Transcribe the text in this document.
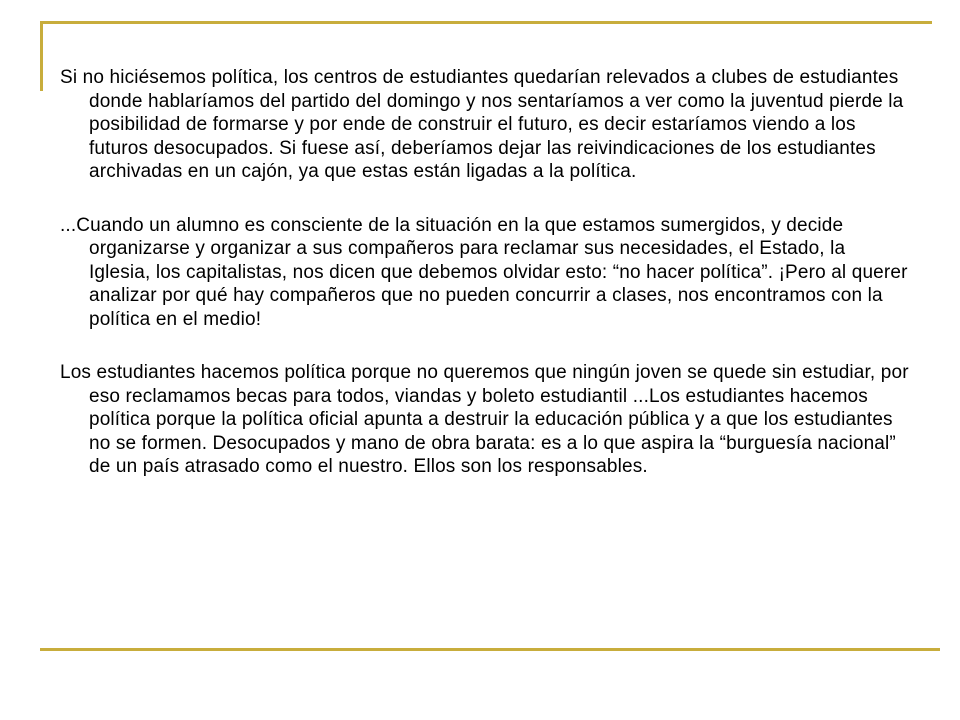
Si no hiciésemos política, los centros de estudiantes quedarían relevados a clubes de estudiantes donde hablaríamos del partido del domingo y nos sentaríamos a ver como la juventud pierde la posibilidad de formarse y por ende de construir el futuro, es decir estaríamos viendo a los futuros desocupados. Si fuese así, deberíamos dejar las reivindicaciones de los estudiantes archivadas en un cajón, ya que estas están ligadas a la política.

...Cuando un alumno es consciente de la situación en la que estamos sumergidos, y decide organizarse y organizar a sus compañeros para reclamar sus necesidades, el Estado, la Iglesia, los capitalistas, nos dicen que debemos olvidar esto: “no hacer política”. ¡Pero al querer analizar por qué hay compañeros que no pueden concurrir a clases, nos encontramos con la política en el medio!

Los estudiantes hacemos política porque no queremos que ningún joven se quede sin estudiar, por eso reclamamos becas para todos, viandas y boleto estudiantil ...Los estudiantes hacemos política porque la política oficial apunta a destruir la educación pública y a que los estudiantes no se formen. Desocupados y mano de obra barata: es a lo que aspira la “burguesía nacional” de un país atrasado como el nuestro. Ellos son los responsables.
